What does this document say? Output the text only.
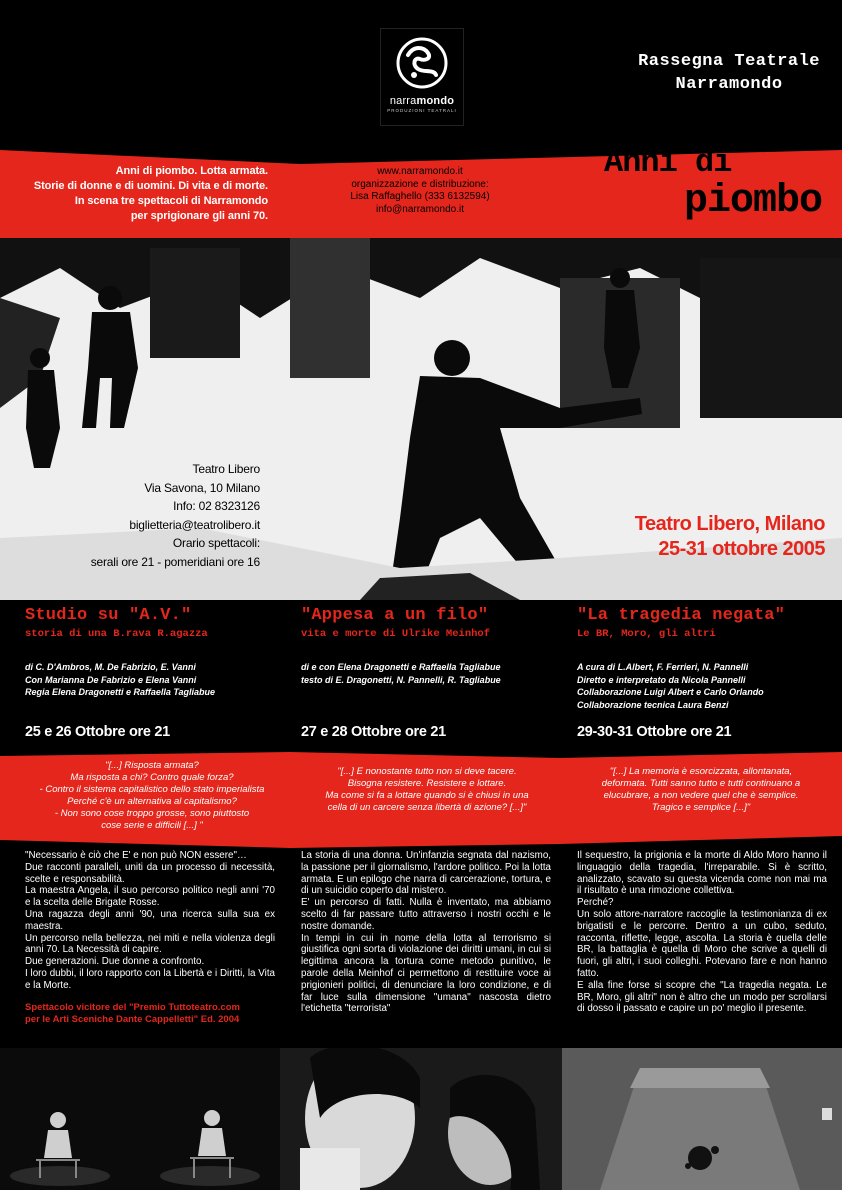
narramondo
PRODUZIONI TEATRALI
Rassegna Teatrale
Narramondo
Anni di piombo. Lotta armata.
Storie di donne e di uomini. Di vita e di morte.
In scena tre spettacoli di Narramondo
per sprigionare gli anni 70.
www.narramondo.it
organizzazione e distribuzione:
Lisa Raffaghello (333 6132594)
info@narramondo.it
Anni di
piombo
Teatro Libero
Via Savona, 10 Milano
Info: 02 8323126
biglietteria@teatrolibero.it
Orario spettacoli:
serali ore 21 - pomeridiani ore 16
Teatro Libero, Milano
25-31 ottobre 2005
Studio su "A.V."
storia di una B.rava R.agazza
di C. D'Ambros, M. De Fabrizio, E. Vanni
Con Marianna De Fabrizio e Elena Vanni
Regia Elena Dragonetti e Raffaella Tagliabue
25 e 26 Ottobre ore 21
"Appesa a un filo"
vita e morte di Ulrike Meinhof
di e con Elena Dragonetti e Raffaella Tagliabue
testo di E. Dragonetti, N. Pannelli, R. Tagliabue
27 e 28 Ottobre ore 21
"La tragedia negata"
Le BR, Moro, gli altri
A cura di L.Albert, F. Ferrieri, N. Pannelli
Diretto e interpretato da Nicola Pannelli
Collaborazione Luigi Albert e Carlo Orlando
Collaborazione tecnica Laura Benzi
29-30-31 Ottobre ore 21
"[...] Risposta armata?
Ma risposta a chi? Contro quale forza?
- Contro il sistema capitalistico dello stato imperialista
Perché c'è un alternativa al capitalismo?
- Non sono cose troppo grosse, sono piuttosto
cose serie e difficili [...] "
"[...] E nonostante tutto non si deve tacere.
Bisogna resistere. Resistere e lottare.
Ma come si fa a lottare quando si è chiusi in una
cella di un carcere senza libertà di azione? [...]"
"[...] La memoria è esorcizzata, allontanata,
deformata. Tutti sanno tutto e tutti continuano a
elucubrare, a non vedere quel che è semplice.
Tragico e semplice [...]"

"Necessario è ciò che E' e non può NON essere"…

Due racconti paralleli, uniti da un processo di necessità, scelte e responsabilità.

La maestra Angela, il suo percorso politico negli anni '70 e la scelta delle Brigate Rosse.

Una ragazza degli anni '90, una ricerca sulla sua ex maestra.

Un percorso nella bellezza, nei miti e nella violenza degli anni 70. La Necessità di capire.

Due generazioni. Due donne a confronto.

I loro dubbi, il loro rapporto con la Libertà e i Diritti, la Vita e la Morte.

Spettacolo vicitore del "Premio Tuttoteatro.com
per le Arti Sceniche Dante Cappelletti" Ed. 2004

La storia di una donna. Un'infanzia segnata dal nazismo, la passione per il giornalismo, l'ardore politico. Poi la lotta armata. E un epilogo che narra di carcerazione, tortura, e di un suicidio coperto dal mistero.

E' un percorso di fatti. Nulla è inventato, ma abbiamo scelto di far passare tutto attraverso i nostri occhi e le nostre domande.

In tempi in cui in nome della lotta al terrorismo si giustifica ogni sorta di violazione dei diritti umani, in cui si legittima ancora la tortura come metodo punitivo, le parole della Meinhof ci permettono di restituire voce ai prigionieri politici, di denunciare la loro condizione, e di far luce sulla dimensione "umana" nascosta dietro l'etichetta "terrorista"

Il sequestro, la prigionia e la morte di Aldo Moro hanno il linguaggio della tragedia, l'irreparabile. Si è scritto, analizzato, scavato su questa vicenda come non mai ma il risultato è una rimozione collettiva.

Perché?

Un solo attore-narratore raccoglie la testimonianza di ex brigatisti e le percorre. Dentro a un cubo, seduto, racconta, riflette, legge, ascolta. La storia è quella delle BR, la battaglia è quella di Moro che scrive a quelli di fuori, gli altri, i suoi colleghi. Potevano fare e non hanno fatto.

E alla fine forse si scopre che "La tragedia negata. Le BR, Moro, gli altri" non è altro che un modo per scrollarsi di dosso il passato e capire un po' meglio il presente.
